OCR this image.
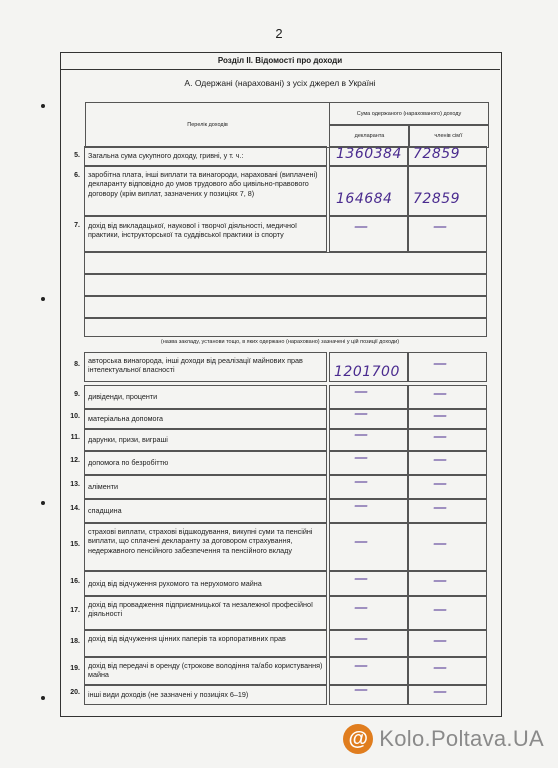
2
Розділ ІІ. Відомості про доходи
А. Одержані (нараховані) з усіх джерел в Україні
Перелік доходів
Сума одержаного (нарахованого) доходу
декларанта	членів сім'ї
5. Загальна сума сукупного доходу, гривні, у т. ч.:	1360384 72859
6. заробітна плата, інші виплати та винагороди, нараховані (виплачені) декларанту відповідно до умов трудового або цивільно-правового договору (крім виплат, зазначених у позиціях 7, 8)	164684 72859
7. дохід від викладацької, наукової і творчої діяльності, медичної практики, інструкторської та суддівської практики із спорту	—	—
(назва закладу, установи тощо, в яких одержано (нараховано) зазначені у цій позиції доходи)
8. авторська винагорода, інші доходи від реалізації майнових прав інтелектуальної власності	1201700 —
9. дивіденди, проценти	—	—
10. матеріальна допомога	—	—
11. дарунки, призи, виграші	—	—
12. допомога по безробіттю	—	—
13. аліменти	—	—
14. спадщина	—	—
15.
страхові виплати, страхові відшкодування, викупні суми та пенсійні виплати, що сплачені декларанту за договором страхування, недержавного пенсійного забезпечення та пенсійного вкладу
—	—
16. дохід від відчуження рухомого та нерухомого майна	—	—
17.
дохід від провадження підприємницької та незалежної професійної діяльності	—	—
18. дохід від відчуження цінних паперів та корпоративних прав	—	—
19. дохід від передачі в оренду (строкове володіння та/або користування) майна
—	—
20. інші види доходів (не зазначені у позиціях 6–19)	—	—
@ Kolo.Poltava.UA
